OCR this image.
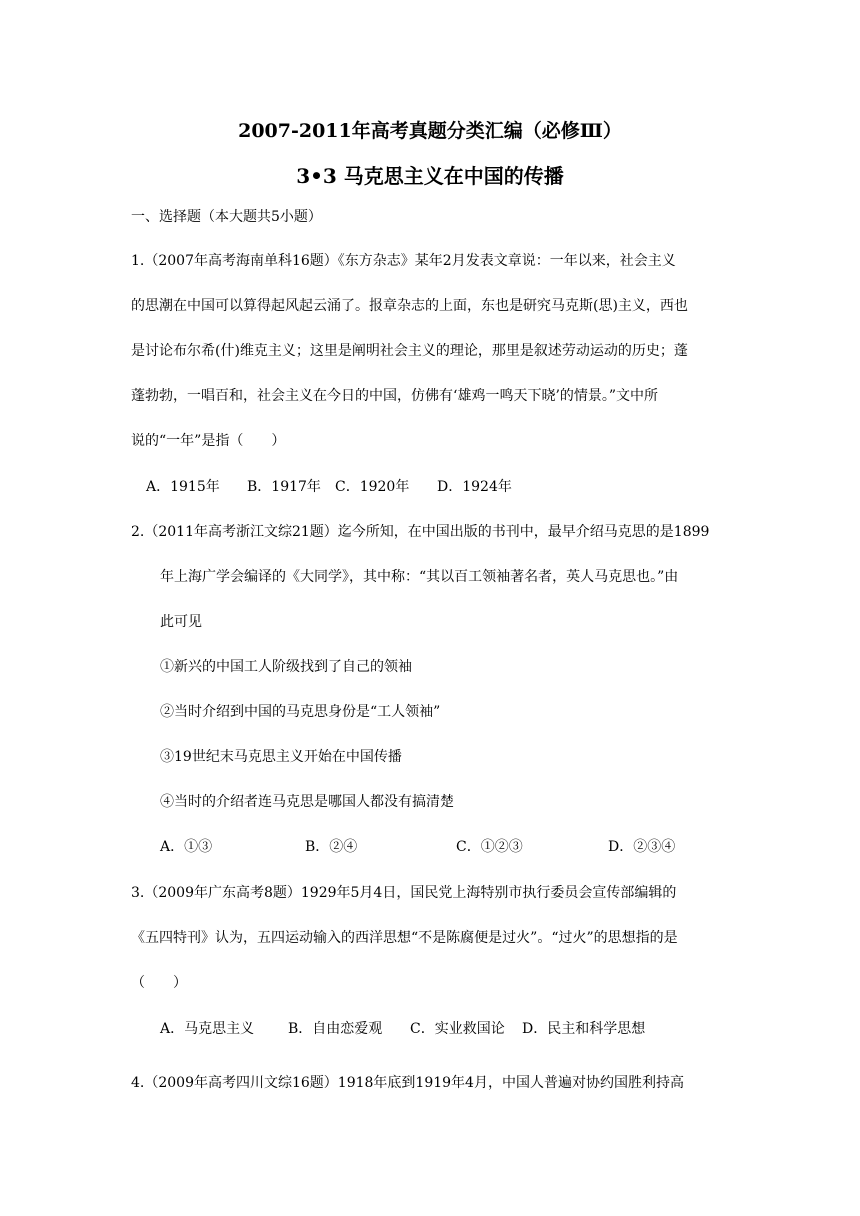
2007-2011年高考真题分类汇编（必修Ⅲ）
3•3 马克思主义在中国的传播
一、选择题（本大题共5小题）
1.（2007年高考海南单科16题）《东方杂志》某年2月发表文章说：一年以来，社会主义
的思潮在中国可以算得起风起云涌了。报章杂志的上面，东也是研究马克斯(思)主义，西也
是讨论布尔希(什)维克主义；这里是阐明社会主义的理论，那里是叙述劳动运动的历史；蓬
蓬勃勃，一唱百和，社会主义在今日的中国，仿佛有‘雄鸡一鸣天下晓’的情景。”文中所
说的“一年”是指（　　）
A．1915年 B．1917年 C．1920年 D．1924年
2.（2011年高考浙江文综21题）迄今所知，在中国出版的书刊中，最早介绍马克思的是1899
年上海广学会编译的《大同学》，其中称：“其以百工领袖著名者，英人马克思也。”由
此可见
①新兴的中国工人阶级找到了自己的领袖
②当时介绍到中国的马克思身份是“工人领袖”
③19世纪末马克思主义开始在中国传播
④当时的介绍者连马克思是哪国人都没有搞清楚
A．①③	B．②④	C．①②③	D．②③④
3.（2009年广东高考8题）1929年5月4日，国民党上海特别市执行委员会宣传部编辑的
《五四特刊》认为，五四运动输入的西洋思想“不是陈腐便是过火”。“过火”的思想指的是
（　　）
A．马克思主义 B．自由恋爱观 C．实业救国论 D．民主和科学思想
4.（2009年高考四川文综16题）1918年底到1919年4月，中国人普遍对协约国胜利持高
